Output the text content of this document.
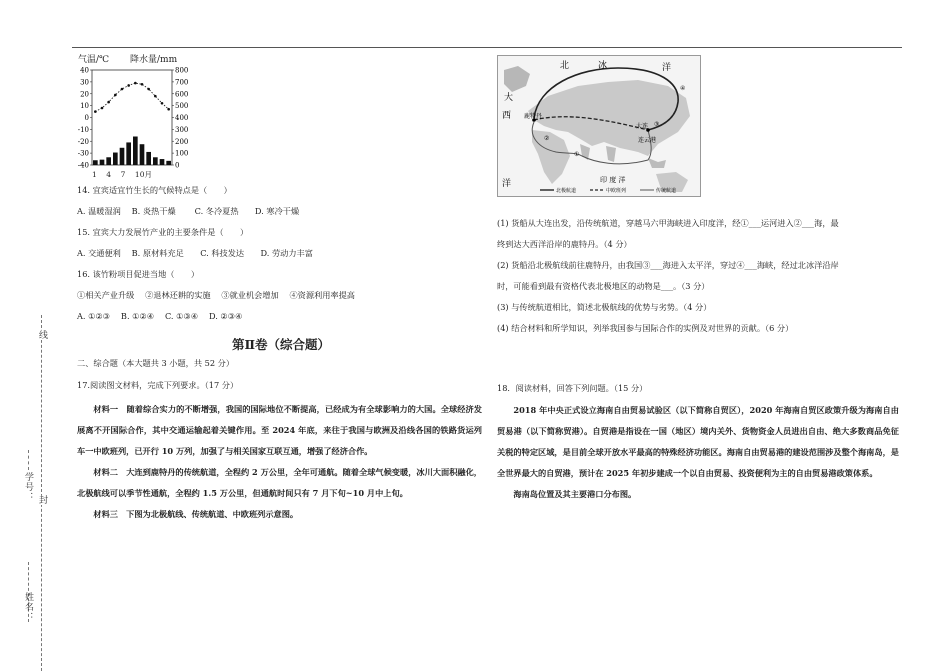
线
封
学号：
姓名：
气温/℃ 降水量/mm
40	800
30	700
20	600
10	500
0	400
-10	300
-20	200
-30	100
-40	0
1    4    7    10月

14. 宜宾适宜竹生长的气候特点是（　　）

A. 温暖湿润　 B. 炎热干燥　　 C. 冬冷夏热　　D. 寒冷干燥

15. 宜宾大力发展竹产业的主要条件是（　　）

A. 交通便利　 B. 原材料充足　　C. 科技发达　　D. 劳动力丰富

16. 该竹粉项目促进当地（　　）

①相关产业升级　 ②退林还耕的实施　 ③就业机会增加　 ④资源利用率提高

A. ①②③　 B. ①②④　 C. ①③④　 D. ②③④

第Ⅱ卷（综合题）
二、综合题（本大题共 3 小题，共 52 分）
17.阅读图文材料，完成下列要求。（17 分）

材料一　随着综合实力的不断增强，我国的国际地位不断提高，已经成为有全球影响力的大国。全球经济发展离不开国际合作，其中交通运输起着关键作用。至 2024 年底，来往于我国与欧洲及沿线各国的铁路货运列车一中欧班列，已开行 10 万列，加强了与相关国家互联互通，增强了经济合作。

材料二　大连到鹿特丹的传统航道，全程约 2 万公里，全年可通航。随着全球气候变暖，冰川大面积融化，北极航线可以季节性通航，全程约 1.5 万公里，但通航时间只有 7 月下旬~10 月中上旬。

材料三　下图为北极航线、传统航道、中欧班列示意图。

北	冰	洋
大
西
洋	印 度 洋
鹿特丹
大连
连云港
①
②
③
④
北极航道	中欧班列	传统航道

(1) 货船从大连出发，沿传统航道，穿越马六甲海峡进入印度洋，经①___运河进入②___海，最

终到达大西洋沿岸的鹿特丹。（4 分）

(2) 货船沿北极航线前往鹿特丹，由我国③___海进入太平洋，穿过④___海峡，经过北冰洋沿岸

时，可能看到最有资格代表北极地区的动物是___。（3 分）

(3) 与传统航道相比，简述北极航线的优势与劣势。（4 分）

(4) 结合材料和所学知识，列举我国参与国际合作的实例及对世界的贡献。（6 分）

18．阅读材料，回答下列问题。（15 分）

2018 年中央正式设立海南自由贸易试验区（以下简称自贸区），2020 年海南自贸区政策升级为海南自由贸易港（以下简称贸港）。自贸港是指设在一国（地区）境内关外、货物资金人员进出自由、绝大多数商品免征关税的特定区域，是目前全球开放水平最高的特殊经济功能区。海南自由贸易港的建设范围涉及整个海南岛，是全世界最大的自贸港，预计在 2025 年初步建成一个以自由贸易、投资便利为主的自由贸易港政策体系。

海南岛位置及其主要港口分布图。
